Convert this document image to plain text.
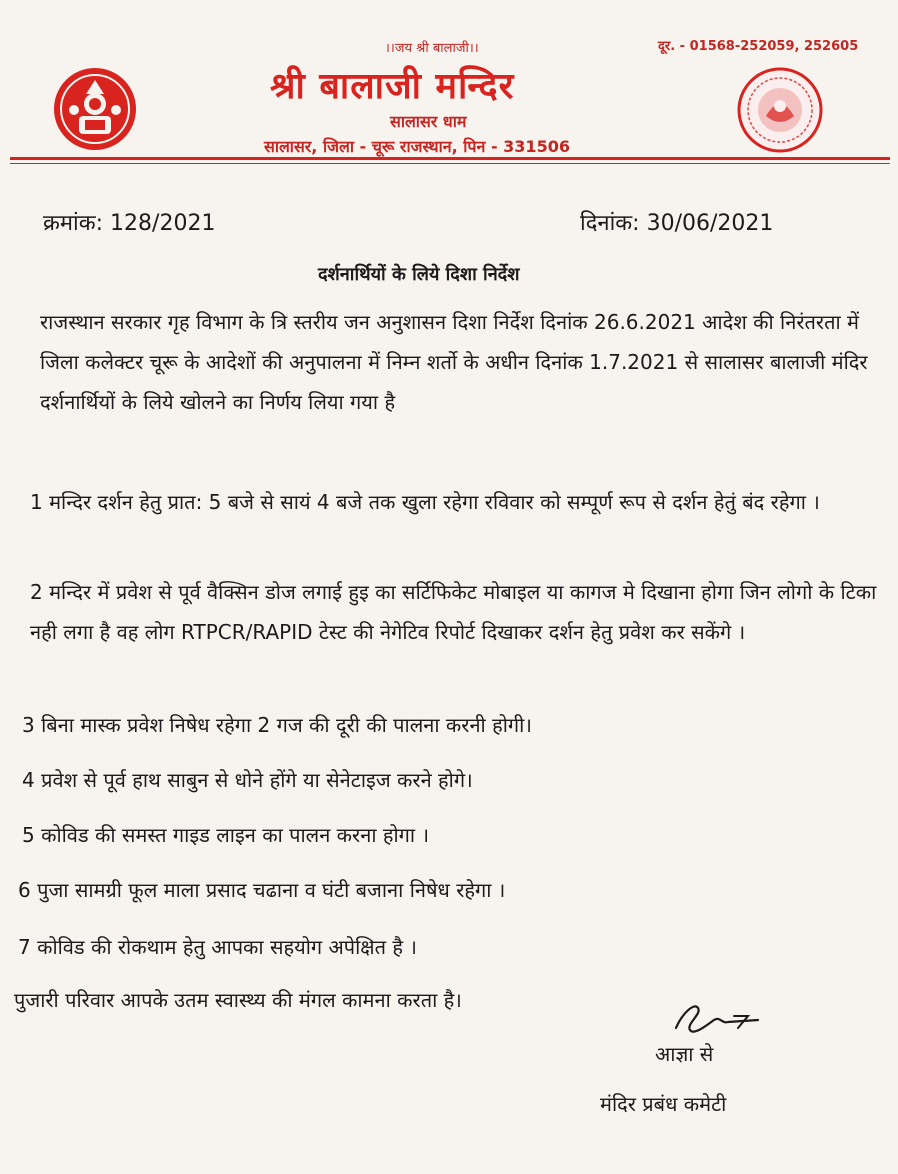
।।जय श्री बालाजी।।	दूर. - 01568-252059, 252605
श्री बालाजी मन्दिर
सालासर धाम
सालासर, जिला - चूरू राजस्थान, पिन - 331506
क्रमांक: 128/2021	दिनांक: 30/06/2021
दर्शनार्थियों के लिये दिशा निर्देश
राजस्थान सरकार गृह विभाग के त्रि स्तरीय जन अनुशासन दिशा निर्देश दिनांक 26.6.2021 आदेश की निरंतरता में जिला कलेक्टर चूरू के आदेशों की अनुपालना में निम्न शर्तो के अधीन दिनांक 1.7.2021 से सालासर बालाजी मंदिर दर्शनार्थियों के लिये खोलने का निर्णय लिया गया है
1 मन्दिर दर्शन हेतु प्रात: 5 बजे से सायं 4 बजे तक खुला रहेगा रविवार को सम्पूर्ण रूप से दर्शन हेतुं बंद रहेगा ।
2 मन्दिर में प्रवेश से पूर्व वैक्सिन डोज लगाई हुइ का सर्टिफिकेट मोबाइल या कागज मे दिखाना होगा जिन लोगो के टिका नही लगा है वह लोग RTPCR/RAPID टेस्ट की नेगेटिव रिपोर्ट दिखाकर दर्शन हेतु प्रवेश कर सकेंगे ।
3 बिना मास्क प्रवेश निषेध रहेगा 2 गज की दूरी की पालना करनी होगी।
4 प्रवेश से पूर्व हाथ साबुन से धोने होंगे या सेनेटाइज करने होगे।
5 कोविड की समस्त गाइड लाइन का पालन करना होगा ।
6 पुजा सामग्री फूल माला प्रसाद चढाना व घंटी बजाना निषेध रहेगा ।
7 कोविड की रोकथाम हेतु आपका सहयोग अपेक्षित है ।
पुजारी परिवार आपके उतम स्वास्थ्य की मंगल कामना करता है।
आज्ञा से
मंदिर प्रबंध कमेटी
